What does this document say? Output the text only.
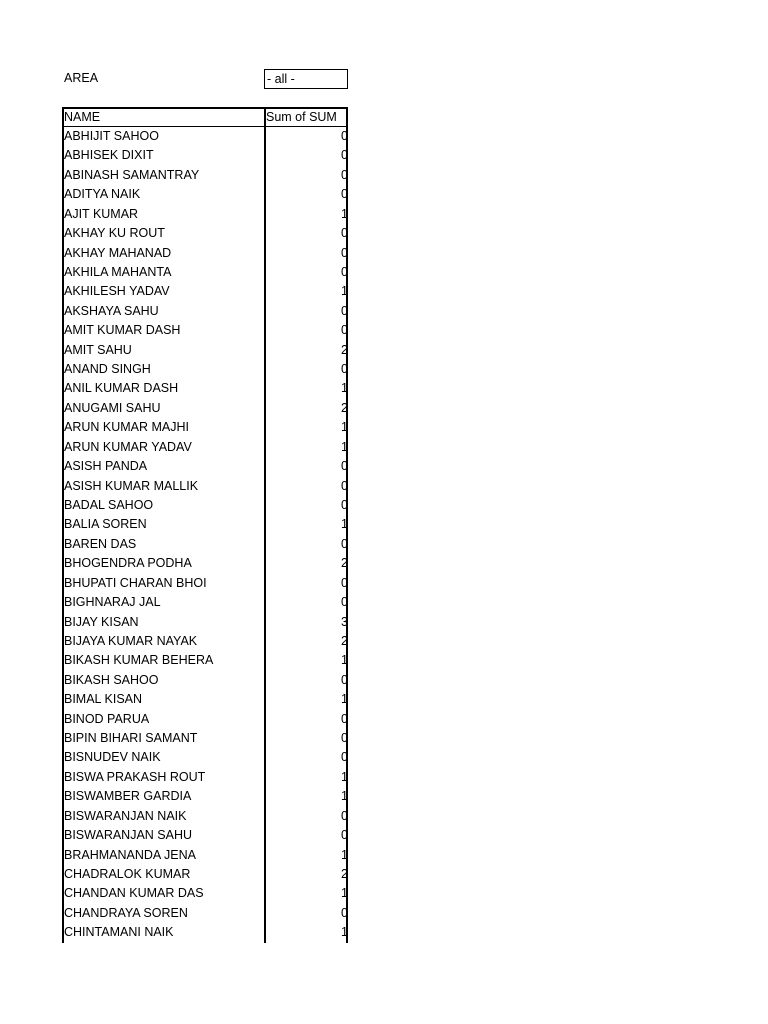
AREA	- all -
NAME	Sum of SUM
ABHIJIT SAHOO	0
ABHISEK DIXIT	0
ABINASH SAMANTRAY	0
ADITYA NAIK	0
AJIT KUMAR	1
AKHAY KU ROUT	0
AKHAY MAHANAD	0
AKHILA MAHANTA	0
AKHILESH YADAV	1
AKSHAYA SAHU	0
AMIT KUMAR DASH	0
AMIT SAHU	2
ANAND SINGH	0
ANIL KUMAR DASH	1
ANUGAMI SAHU	2
ARUN KUMAR MAJHI	1
ARUN KUMAR YADAV	1
ASISH PANDA	0
ASISH KUMAR MALLIK	0
BADAL SAHOO	0
BALIA SOREN	1
BAREN DAS	0
BHOGENDRA PODHA	2
BHUPATI CHARAN BHOI	0
BIGHNARAJ JAL	0
BIJAY KISAN	3
BIJAYA KUMAR NAYAK	2
BIKASH KUMAR BEHERA	1
BIKASH SAHOO	0
BIMAL KISAN	1
BINOD PARUA	0
BIPIN BIHARI SAMANT	0
BISNUDEV NAIK	0
BISWA PRAKASH ROUT	1
BISWAMBER GARDIA	1
BISWARANJAN NAIK	0
BISWARANJAN SAHU	0
BRAHMANANDA JENA	1
CHADRALOK KUMAR	2
CHANDAN KUMAR DAS	1
CHANDRAYA SOREN	0
CHINTAMANI NAIK	1
